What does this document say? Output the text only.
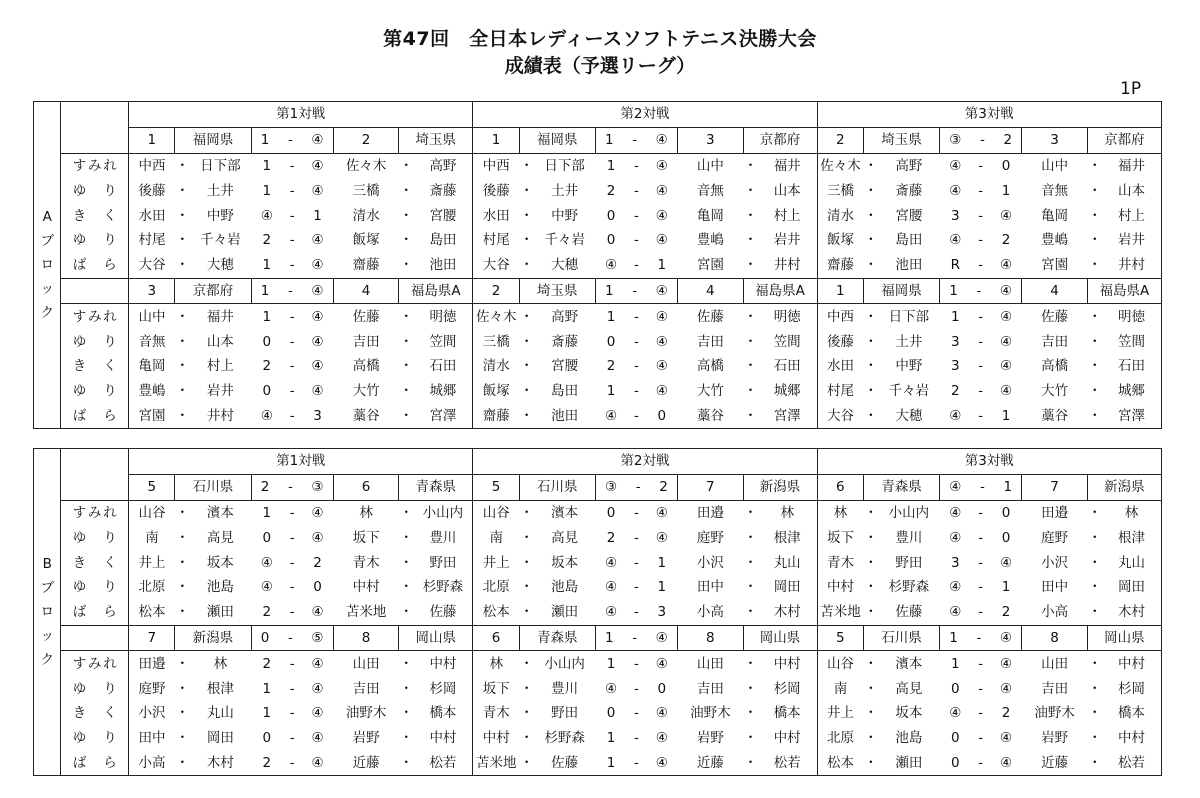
第47回　全日本レディースソフトテニス決勝大会
成績表（予選リーグ）
1P
A
ブ
ロ
ッ
ク		第1対戦									第2対戦									第3対戦								
		1	福岡県		1 - ④			2	埼玉県		1	福岡県		1 - ④			3	京都府		2	埼玉県		③ - 2			3	京都府	
	すみれ	中西	・	日下部	1	-	④	佐々木	・	高野	中西	・	日下部	1	-	④	山中	・	福井	佐々木	・	高野	④	-	0	山中	・	福井
	ゆり	後藤	・	土井	1	-	④	三橋	・	斎藤	後藤	・	土井	2	-	④	音無	・	山本	三橋	・	斎藤	④	-	1	音無	・	山本
	きく	水田	・	中野	④	-	1	清水	・	宮腰	水田	・	中野	0	-	④	亀岡	・	村上	清水	・	宮腰	3	-	④	亀岡	・	村上
	ゆり	村尾	・	千々岩	2	-	④	飯塚	・	島田	村尾	・	千々岩	0	-	④	豊嶋	・	岩井	飯塚	・	島田	④	-	2	豊嶋	・	岩井
	ばら	大谷	・	大穂	1	-	④	齋藤	・	池田	大谷	・	大穂	④	-	1	宮園	・	井村	齋藤	・	池田	R	-	④	宮園	・	井村
		3	京都府		1 - ④			4	福島県A		2	埼玉県		1 - ④			4	福島県A		1	福岡県		1 - ④			4	福島県A	
	すみれ	山中	・	福井	1	-	④	佐藤	・	明徳	佐々木	・	高野	1	-	④	佐藤	・	明徳	中西	・	日下部	1	-	④	佐藤	・	明徳
	ゆり	音無	・	山本	0	-	④	吉田	・	笠間	三橋	・	斎藤	0	-	④	吉田	・	笠間	後藤	・	土井	3	-	④	吉田	・	笠間
	きく	亀岡	・	村上	2	-	④	高橋	・	石田	清水	・	宮腰	2	-	④	高橋	・	石田	水田	・	中野	3	-	④	高橋	・	石田
	ゆり	豊嶋	・	岩井	0	-	④	大竹	・	城郷	飯塚	・	島田	1	-	④	大竹	・	城郷	村尾	・	千々岩	2	-	④	大竹	・	城郷
	ばら	宮園	・	井村	④	-	3	藁谷	・	宮澤	齋藤	・	池田	④	-	0	藁谷	・	宮澤	大谷	・	大穂	④	-	1	藁谷	・	宮澤
B
ブ
ロ
ッ
ク		第1対戦									第2対戦									第3対戦								
		5	石川県		2 - ③			6	青森県		5	石川県		③ - 2			7	新潟県		6	青森県		④ - 1			7	新潟県	
	すみれ	山谷	・	濱本	1	-	④	林	・	小山内	山谷	・	濱本	0	-	④	田邉	・	林	林	・	小山内	④	-	0	田邉	・	林
	ゆり	南	・	高見	0	-	④	坂下	・	豊川	南	・	高見	2	-	④	庭野	・	根津	坂下	・	豊川	④	-	0	庭野	・	根津
	きく	井上	・	坂本	④	-	2	青木	・	野田	井上	・	坂本	④	-	1	小沢	・	丸山	青木	・	野田	3	-	④	小沢	・	丸山
	ゆり	北原	・	池島	④	-	0	中村	・	杉野森	北原	・	池島	④	-	1	田中	・	岡田	中村	・	杉野森	④	-	1	田中	・	岡田
	ばら	松本	・	瀬田	2	-	④	苫米地	・	佐藤	松本	・	瀬田	④	-	3	小高	・	木村	苫米地	・	佐藤	④	-	2	小高	・	木村
		7	新潟県		0 - ⑤			8	岡山県		6	青森県		1 - ④			8	岡山県		5	石川県		1 - ④			8	岡山県	
	すみれ	田邉	・	林	2	-	④	山田	・	中村	林	・	小山内	1	-	④	山田	・	中村	山谷	・	濱本	1	-	④	山田	・	中村
	ゆり	庭野	・	根津	1	-	④	吉田	・	杉岡	坂下	・	豊川	④	-	0	吉田	・	杉岡	南	・	高見	0	-	④	吉田	・	杉岡
	きく	小沢	・	丸山	1	-	④	油野木	・	橋本	青木	・	野田	0	-	④	油野木	・	橋本	井上	・	坂本	④	-	2	油野木	・	橋本
	ゆり	田中	・	岡田	0	-	④	岩野	・	中村	中村	・	杉野森	1	-	④	岩野	・	中村	北原	・	池島	0	-	④	岩野	・	中村
	ばら	小高	・	木村	2	-	④	近藤	・	松若	苫米地	・	佐藤	1	-	④	近藤	・	松若	松本	・	瀬田	0	-	④	近藤	・	松若
